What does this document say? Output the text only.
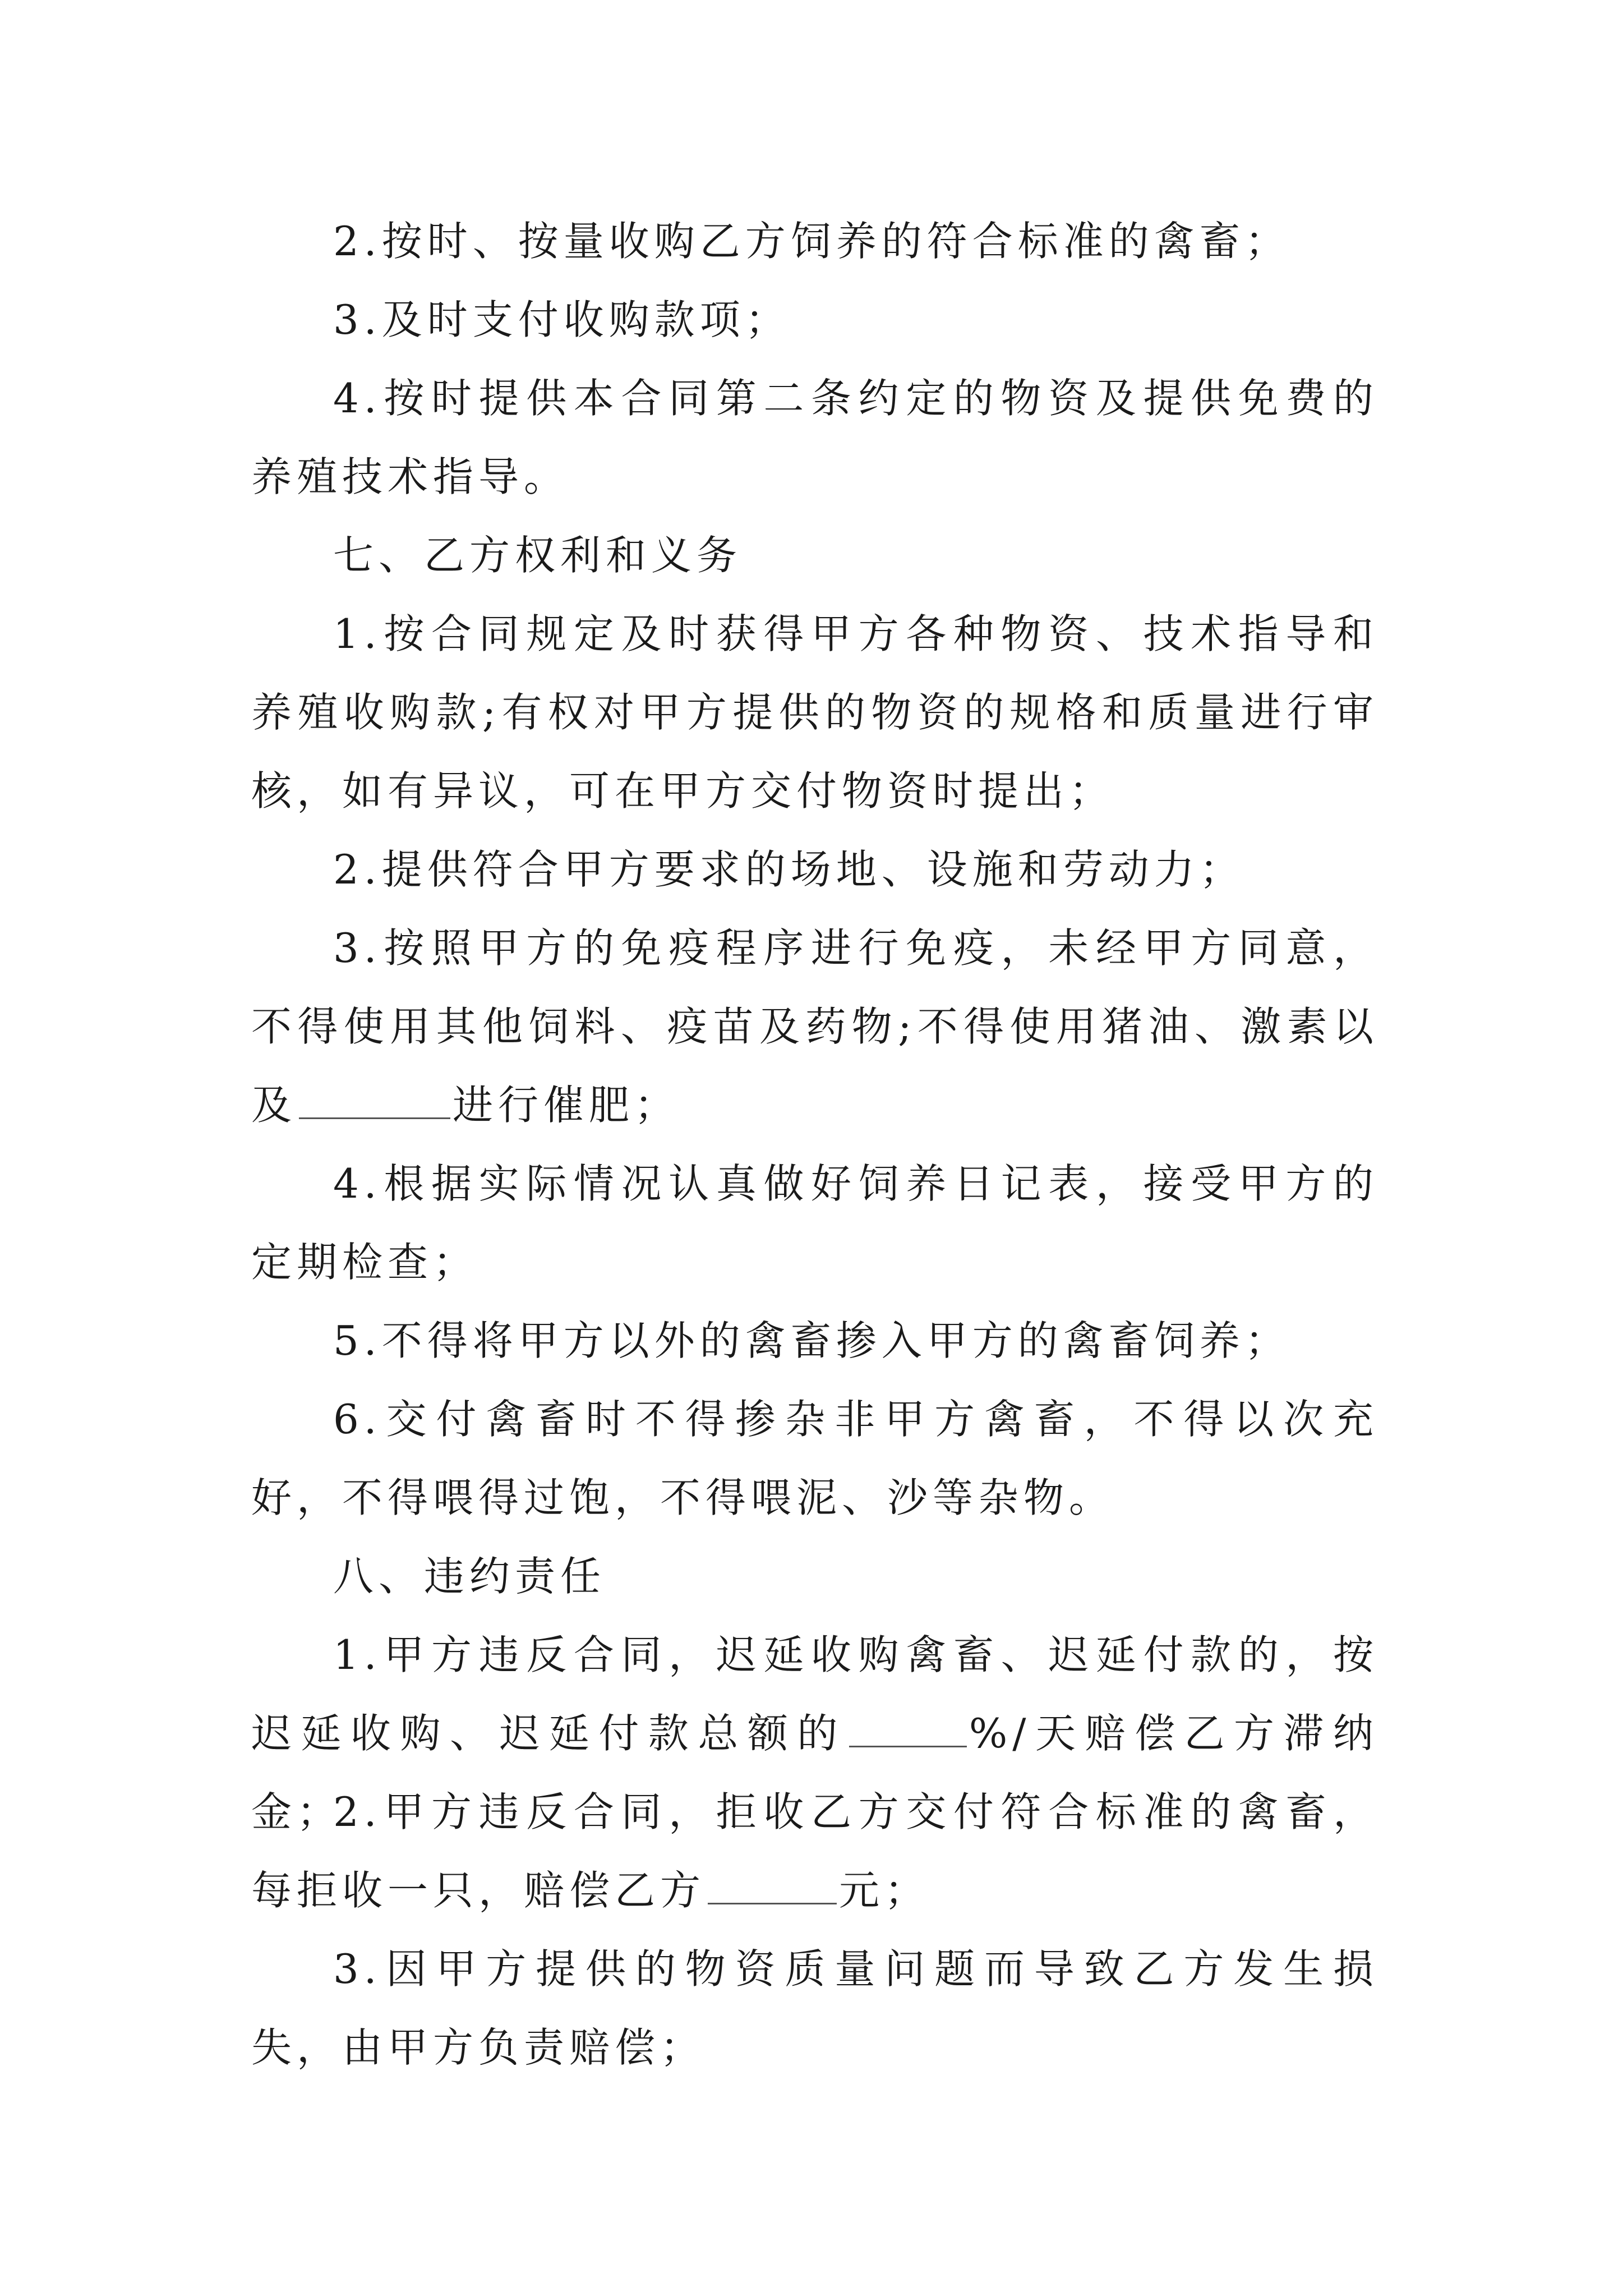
2.按时、按量收购乙方饲养的符合标准的禽畜；

3.及时支付收购款项；

4.按时提供本合同第二条约定的物资及提供免费的养殖技术指导。

七、乙方权利和义务

1.按合同规定及时获得甲方各种物资、技术指导和养殖收购款;有权对甲方提供的物资的规格和质量进行审核，如有异议，可在甲方交付物资时提出；

2.提供符合甲方要求的场地、设施和劳动力；

3.按照甲方的免疫程序进行免疫，未经甲方同意，不得使用其他饲料、疫苗及药物;不得使用猪油、激素以及	进行催肥；

4.根据实际情况认真做好饲养日记表，接受甲方的定期检查；

5.不得将甲方以外的禽畜掺入甲方的禽畜饲养；

6.交付禽畜时不得掺杂非甲方禽畜，不得以次充好，不得喂得过饱，不得喂泥、沙等杂物。

八、违约责任

1.甲方违反合同，迟延收购禽畜、迟延付款的，按迟延收购、迟延付款总额的	%/天赔偿乙方滞纳金；

2.甲方违反合同，拒收乙方交付符合标准的禽畜，每拒收一只，赔偿乙方	元；

3.因甲方提供的物资质量问题而导致乙方发生损失，由甲方负责赔偿；
